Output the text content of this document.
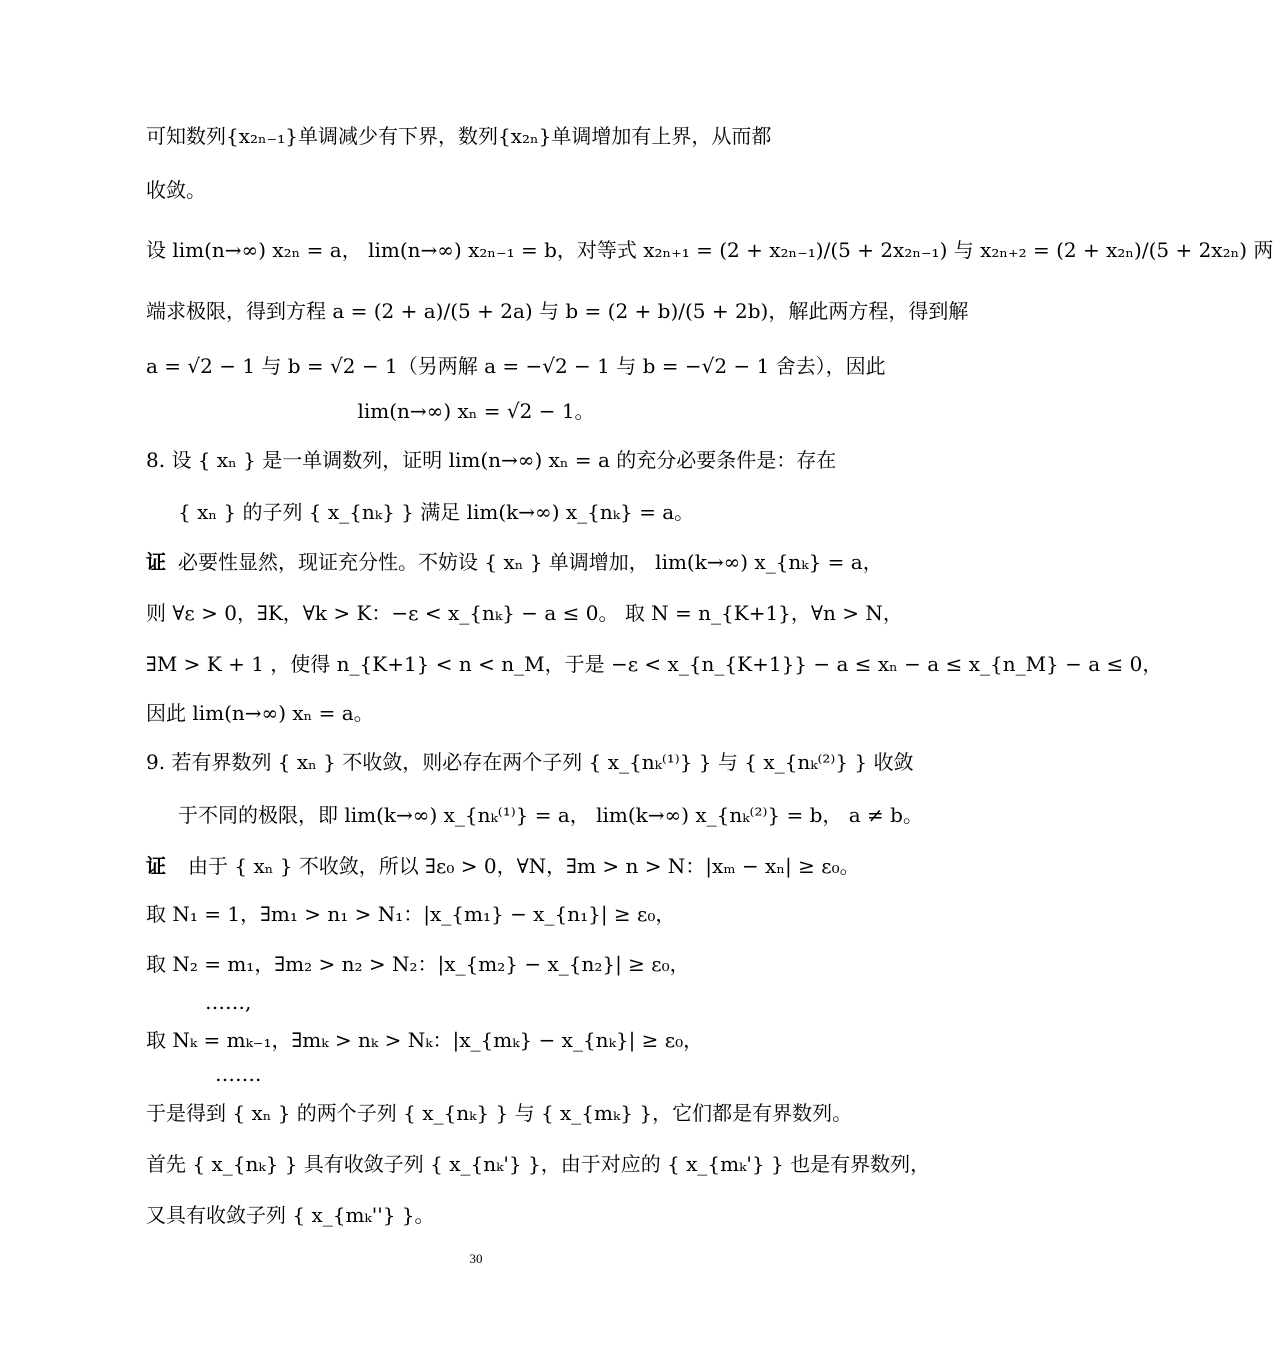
可知数列{x₂ₙ₋₁}单调减少有下界，数列{x₂ₙ}单调增加有上界，从而都
收敛。
设 lim(n→∞) x₂ₙ = a， lim(n→∞) x₂ₙ₋₁ = b，对等式 x₂ₙ₊₁ = (2 + x₂ₙ₋₁)/(5 + 2x₂ₙ₋₁) 与 x₂ₙ₊₂ = (2 + x₂ₙ)/(5 + 2x₂ₙ) 两
端求极限，得到方程 a = (2 + a)/(5 + 2a) 与 b = (2 + b)/(5 + 2b)，解此两方程，得到解
a = √2 − 1 与 b = √2 − 1（另两解 a = −√2 − 1 与 b = −√2 − 1 舍去），因此
lim(n→∞) xₙ = √2 − 1。
8. 设 { xₙ } 是一单调数列，证明 lim(n→∞) xₙ = a 的充分必要条件是：存在
{ xₙ } 的子列 { x_{nₖ} } 满足 lim(k→∞) x_{nₖ} = a。
证 必要性显然，现证充分性。不妨设 { xₙ } 单调增加， lim(k→∞) x_{nₖ} = a，
则 ∀ε > 0，∃K，∀k > K：−ε < x_{nₖ} − a ≤ 0。 取 N = n_{K+1}，∀n > N，
∃M > K + 1 ，使得 n_{K+1} < n < n_M，于是 −ε < x_{n_{K+1}} − a ≤ xₙ − a ≤ x_{n_M} − a ≤ 0，
因此 lim(n→∞) xₙ = a。
9. 若有界数列 { xₙ } 不收敛，则必存在两个子列 { x_{nₖ⁽¹⁾} } 与 { x_{nₖ⁽²⁾} } 收敛
于不同的极限，即 lim(k→∞) x_{nₖ⁽¹⁾} = a， lim(k→∞) x_{nₖ⁽²⁾} = b， a ≠ b。
证 由于 { xₙ } 不收敛，所以 ∃ε₀ > 0，∀N，∃m > n > N：|xₘ − xₙ| ≥ ε₀。
取 N₁ = 1，∃m₁ > n₁ > N₁：|x_{m₁} − x_{n₁}| ≥ ε₀，
取 N₂ = m₁，∃m₂ > n₂ > N₂：|x_{m₂} − x_{n₂}| ≥ ε₀，
……,
取 Nₖ = mₖ₋₁，∃mₖ > nₖ > Nₖ：|x_{mₖ} − x_{nₖ}| ≥ ε₀，
…….
于是得到 { xₙ } 的两个子列 { x_{nₖ} } 与 { x_{mₖ} }，它们都是有界数列。
首先 { x_{nₖ} } 具有收敛子列 { x_{nₖ'} }，由于对应的 { x_{mₖ'} } 也是有界数列，
又具有收敛子列 { x_{mₖ''} }。
30
